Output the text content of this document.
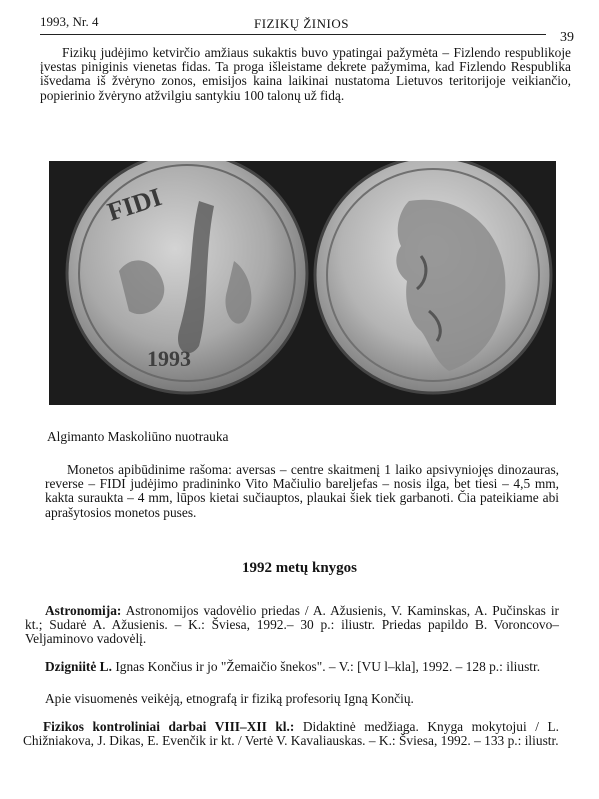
1993, Nr. 4	FIZIKŲ ŽINIOS
39

Fizikų judėjimo ketvirčio amžiaus sukaktis buvo ypatingai pažymėta – Fizlendo respublikoje įvestas piniginis vienetas fidas. Ta proga išleistame dekrete pažymima, kad Fizlendo Respublika išvedama iš žvėryno zonos, emisijos kaina laikinai nustatoma Lietuvos teritorijoje veikiančio, popierinio žvėryno atžvilgiu santykiu 100 talonų už fidą.

FIDI
1993
Algimanto Maskoliūno nuotrauka

Monetos apibūdinime rašoma: aversas – centre skaitmenį 1 laiko apsivyniojęs dinozauras, reverse – FIDI judėjimo pradininko Vito Mačiulio bareljefas – nosis ilga, bet tiesi – 4,5 mm, kakta suraukta – 4 mm, lūpos kietai sučiauptos, plaukai šiek tiek garbanoti. Čia pateikiame abi aprašytosios monetos puses.

1992 metų knygos

Astronomija: Astronomijos vadovėlio priedas / A. Ažusienis, V. Kaminskas, A. Pučinskas ir kt.; Sudarė A. Ažusienis. – K.: Šviesa, 1992.– 30 p.: iliustr. Priedas papildo B. Voroncovo–Veljaminovo vadovėlį.

Dzigniitė L. Ignas Končius ir jo "Žemaičio šnekos". – V.: [VU l–kla], 1992. – 128 p.: iliustr.

Apie visuomenės veikėją, etnografą ir fiziką profesorių Igną Končių.

Fizikos kontroliniai darbai VIII–XII kl.: Didaktinė medžiaga. Knyga mokytojui / L. Chižniakova, J. Dikas, E. Evenčik ir kt. / Vertė V. Kavaliauskas. – K.: Šviesa, 1992. – 133 p.: iliustr.
